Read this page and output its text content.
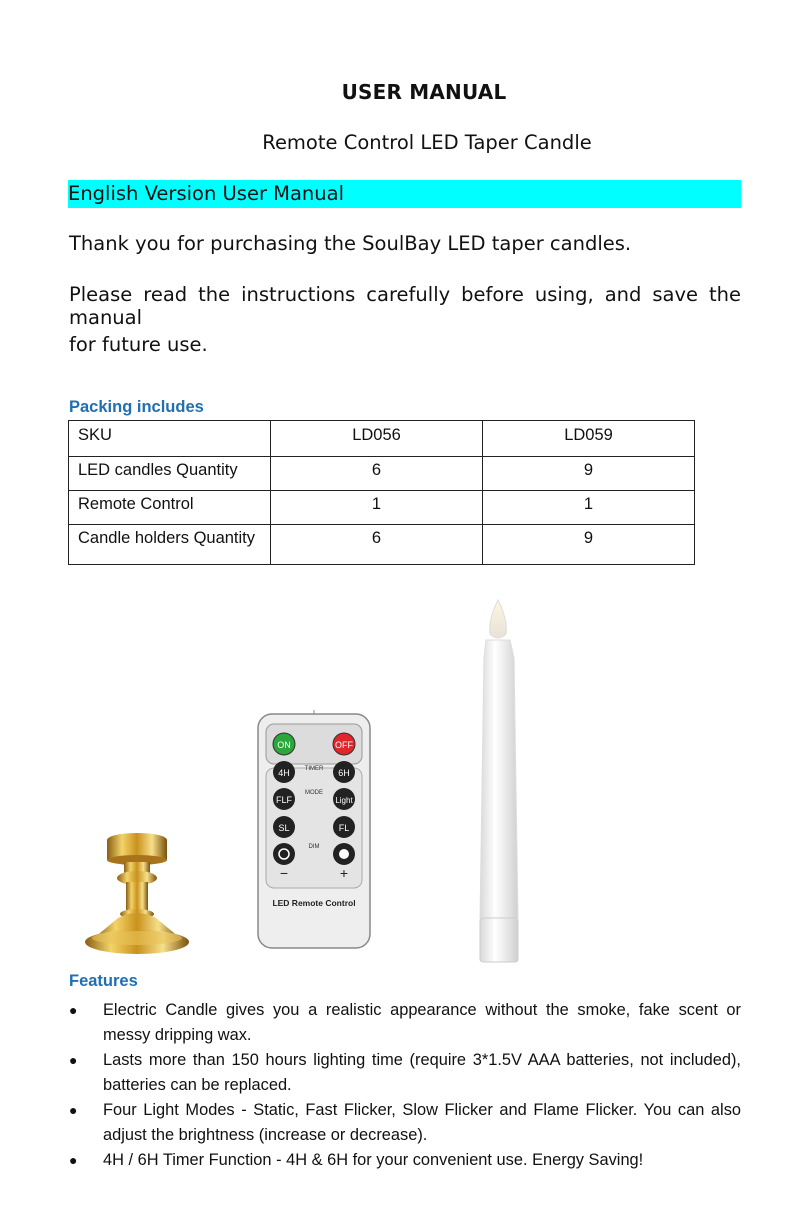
USER MANUAL
Remote Control LED Taper Candle
English Version User Manual
Thank you for purchasing the SoulBay LED taper candles.
Please read the instructions carefully before using, and save the manual
for future use.
Packing includes
SKU	LD056	LD059
LED candles Quantity	6	9
Remote Control	1	1
Candle holders Quantity	6	9
ON	OFF
TIMER
4H	6H
MODE
FLF	Light
SL	FL
DIM
−	+
LED Remote Control
Features
● Electric Candle gives you a realistic appearance without the smoke, fake scent or messy dripping wax.
● Lasts more than 150 hours lighting time (require 3*1.5V AAA batteries, not included), batteries can be replaced.
● Four Light Modes - Static, Fast Flicker, Slow Flicker and Flame Flicker. You can also adjust the brightness (increase or decrease).
● 4H / 6H Timer Function - 4H & 6H for your convenient use. Energy Saving!
